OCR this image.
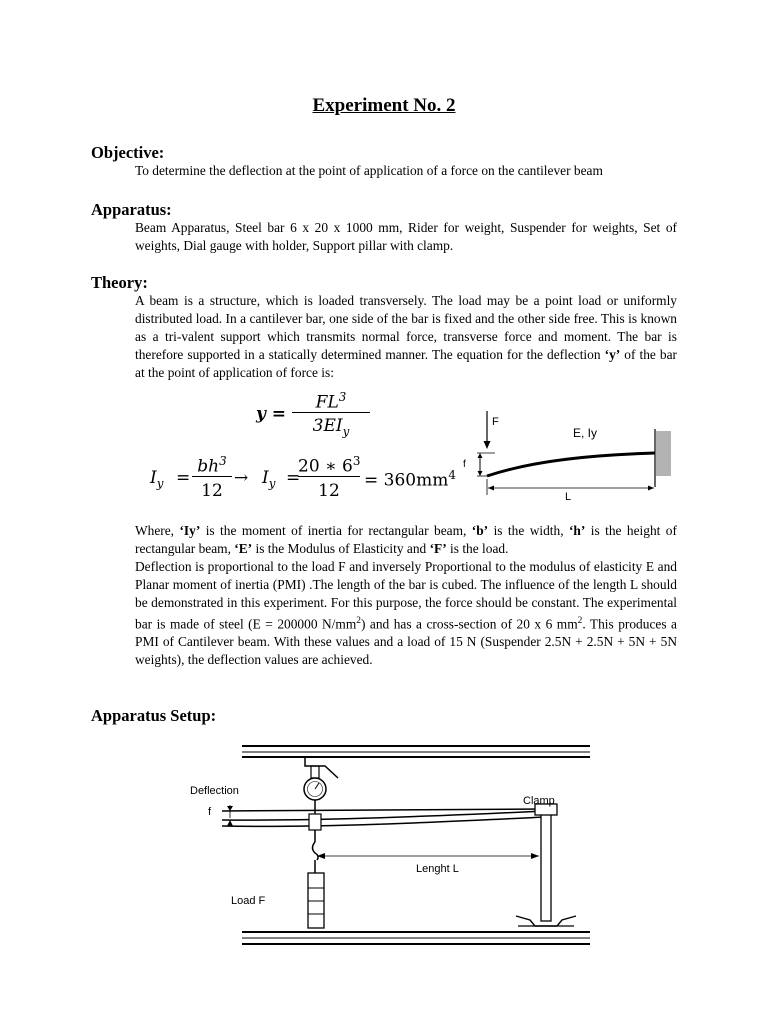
Experiment No. 2
Objective:
To determine the deflection at the point of application of a force on the cantilever beam
Apparatus:
Beam Apparatus, Steel bar 6 x 20 x 1000 mm, Rider for weight, Suspender for weights, Set of weights, Dial gauge with holder, Support pillar with clamp.
Theory:
A beam is a structure, which is loaded transversely. The load may be a point load or uniformly distributed load. In a cantilever bar, one side of the bar is fixed and the other side free. This is known as a tri-valent support which transmits normal force, transverse force and moment. The bar is therefore supported in a statically determined manner. The equation for the deflection ‘y’ of the bar at the point of application of force is:
y =
$FL^3$
$3EI_y$
$I_y$ =
$bh^3$
12
→ $I_y$ =
20 ∗ $6^3$
12
= $360mm^4$
F
E, Iy
f
L
Where, ‘Iy’ is the moment of inertia for rectangular beam, ‘b’ is the width, ‘h’ is the height of rectangular beam, ‘E’ is the Modulus of Elasticity and ‘F’ is the load.
Deflection is proportional to the load F and inversely Proportional to the modulus of elasticity E and Planar moment of inertia (PMI) .The length of the bar is cubed. The influence of the length L should be demonstrated in this experiment. For this purpose, the force should be constant. The experimental bar is made of steel (E = 200000 $N/mm^2$) and has a cross-section of 20 x 6 $mm^2$. This produces a PMI of Cantilever beam. With these values and a load of 15 N (Suspender 2.5N + 2.5N + 5N + 5N weights), the deflection values are achieved.
Apparatus Setup:
Deflection
f
Clamp
Lenght L
Load F
